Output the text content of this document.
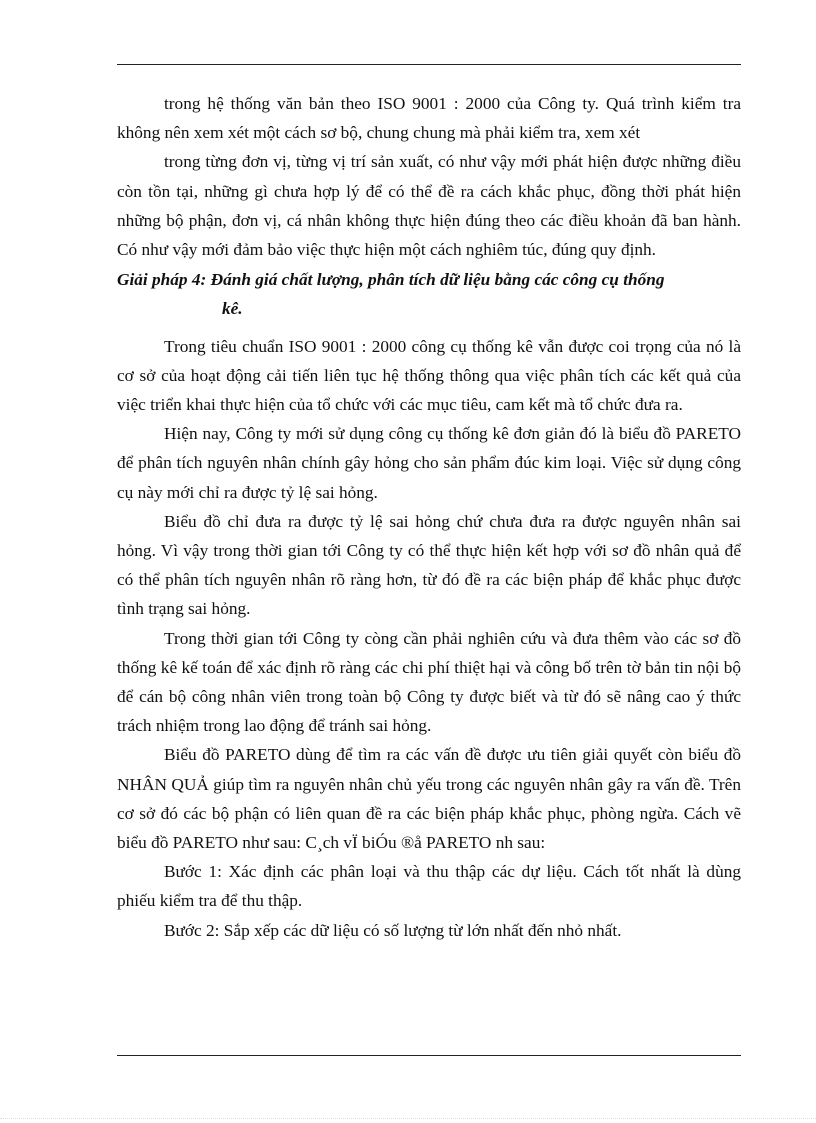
trong hệ thống văn bản theo ISO 9001 : 2000 của Công ty. Quá trình kiểm tra không nên xem xét một cách sơ bộ, chung chung mà phải kiểm tra, xem xét

trong từng đơn vị, từng vị trí sản xuất, có như vậy mới phát hiện được những điều còn tồn tại, những gì chưa hợp lý để có thể đề ra cách khắc phục, đồng thời phát hiện những bộ phận, đơn vị, cá nhân không thực hiện đúng theo các điều khoản đã ban hành. Có như vậy mới đảm bảo việc thực hiện một cách nghiêm túc, đúng quy định.

Giải pháp 4: Đánh giá chất lượng, phân tích dữ liệu bằng các công cụ thống
kê.

Trong tiêu chuẩn ISO 9001 : 2000 công cụ thống kê vẫn được coi trọng của nó là cơ sở của hoạt động cải tiến liên tục hệ thống thông qua việc phân tích các kết quả của việc triển khai thực hiện của tổ chức với các mục tiêu, cam kết mà tổ chức đưa ra.

Hiện nay, Công ty mới sử dụng công cụ thống kê đơn giản đó là biểu đồ PARETO để phân tích nguyên nhân chính gây hỏng cho sản phẩm đúc kim loại. Việc sử dụng công cụ này mới chỉ ra được tỷ lệ sai hỏng.

Biểu đồ chỉ đưa ra được tỷ lệ sai hỏng chứ chưa đưa ra được nguyên nhân sai hỏng. Vì vậy trong thời gian tới Công ty có thể thực hiện kết hợp với sơ đồ nhân quả để có thể phân tích nguyên nhân rõ ràng hơn, từ đó đề ra các biện pháp để khắc phục được tình trạng sai hỏng.

Trong thời gian tới Công ty còng cần phải nghiên cứu và đưa thêm vào các sơ đồ thống kê kế toán để xác định rõ ràng các chi phí thiệt hại và công bố trên tờ bản tin nội bộ để cán bộ công nhân viên trong toàn bộ Công ty được biết và từ đó sẽ nâng cao ý thức trách nhiệm trong lao động để tránh sai hỏng.

Biểu đồ PARETO dùng để tìm ra các vấn đề được ưu tiên giải quyết còn biểu đồ NHÂN QUẢ giúp tìm ra nguyên nhân chủ yếu trong các nguyên nhân gây ra vấn đề. Trên cơ sở đó các bộ phận có liên quan đề ra các biện pháp khắc phục, phòng ngừa. Cách vẽ biểu đồ PARETO như sau: C¸ch vÏ biÓu ®å PARETO nh sau:

Bước 1: Xác định các phân loại và thu thập các dự liệu. Cách tốt nhất là dùng phiếu kiểm tra để thu thập.

Bước 2: Sắp xếp các dữ liệu có số lượng từ lớn nhất đến nhỏ nhất.
